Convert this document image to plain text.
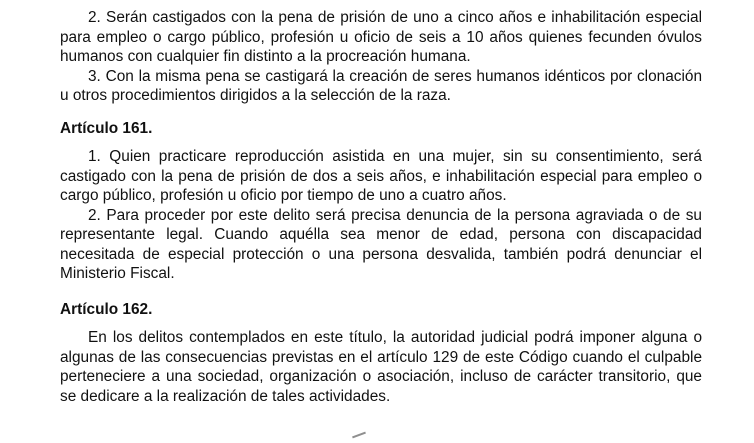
2. Serán castigados con la pena de prisión de uno a cinco años e inhabilitación especial para empleo o cargo público, profesión u oficio de seis a 10 años quienes fecunden óvulos humanos con cualquier fin distinto a la procreación humana.

3. Con la misma pena se castigará la creación de seres humanos idénticos por clonación u otros procedimientos dirigidos a la selección de la raza.

Artículo 161.

1. Quien practicare reproducción asistida en una mujer, sin su consentimiento, será castigado con la pena de prisión de dos a seis años, e inhabilitación especial para empleo o cargo público, profesión u oficio por tiempo de uno a cuatro años.

2. Para proceder por este delito será precisa denuncia de la persona agraviada o de su representante legal. Cuando aquélla sea menor de edad, persona con discapacidad necesitada de especial protección o una persona desvalida, también podrá denunciar el Ministerio Fiscal.

Artículo 162.

En los delitos contemplados en este título, la autoridad judicial podrá imponer alguna o algunas de las consecuencias previstas en el artículo 129 de este Código cuando el culpable perteneciere a una sociedad, organización o asociación, incluso de carácter transitorio, que se dedicare a la realización de tales actividades.
